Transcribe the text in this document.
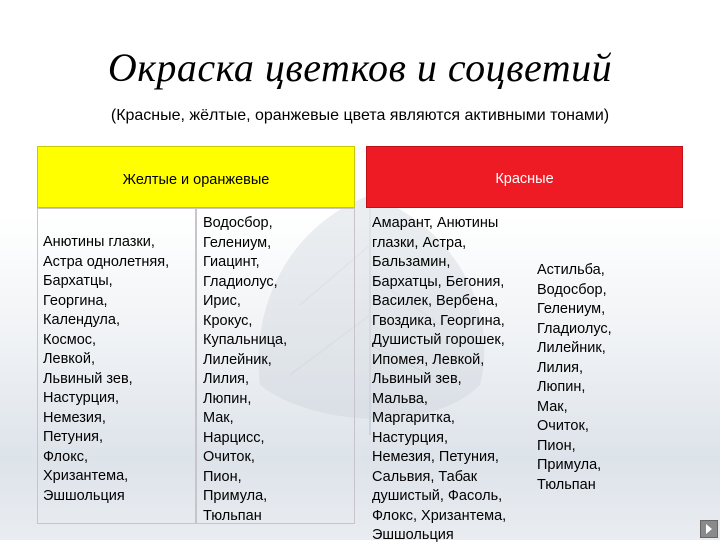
Окраска цветков и соцветий
(Красные, жёлтые, оранжевые цвета являются активными тонами)
Желтые и оранжевые	Красные
Анютины глазки,
Астра однолетняя,
Бархатцы,
Георгина,
Календула,
Космос,
Левкой,
Львиный зев,
Настурция,
Немезия,
Петуния,
Флокс,
Хризантема,
Эшшольция
Водосбор,
Гелениум,
Гиацинт,
Гладиолус,
Ирис,
Крокус,
Купальница,
Лилейник,
Лилия,
Люпин,
Мак,
Нарцисс,
Очиток,
Пион,
Примула,
Тюльпан
Амарант, Анютины
глазки, Астра,
Бальзамин,
Бархатцы, Бегония,
Василек, Вербена,
Гвоздика, Георгина,
Душистый горошек,
Ипомея, Левкой,
Львиный зев,
Мальва,
Маргаритка,
Настурция,
Немезия, Петуния,
Сальвия, Табак
душистый, Фасоль,
Флокс, Хризантема,
Эшшольция
Астильба,
Водосбор,
Гелениум,
Гладиолус,
Лилейник,
Лилия,
Люпин,
Мак,
Очиток,
Пион,
Примула,
Тюльпан
